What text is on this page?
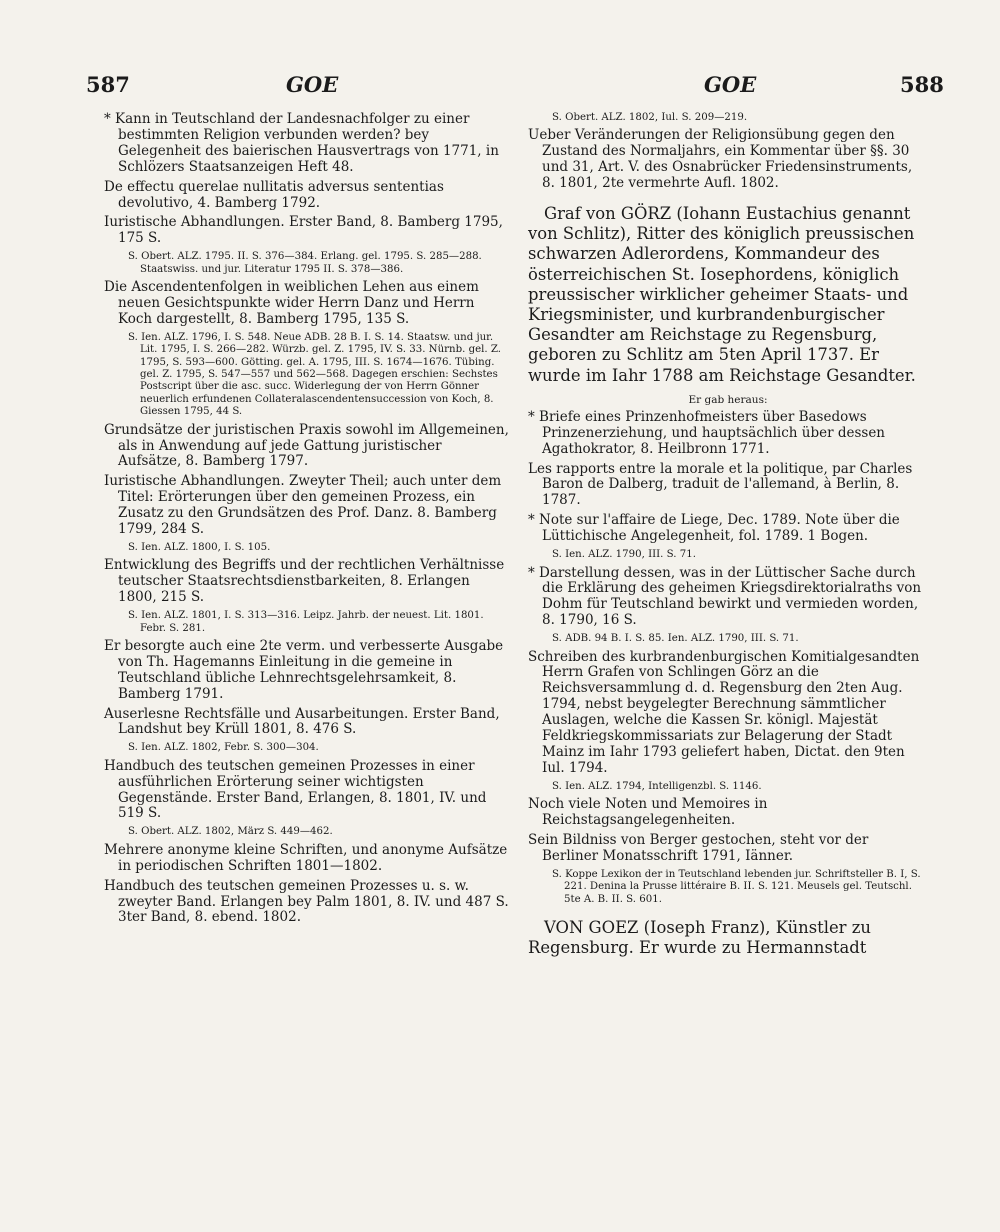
587	GOE	GOE	588
* Kann in Teutschland der Landesnachfolger zu einer bestimmten Religion verbunden werden? bey Gelegenheit des baierischen Hausvertrags von 1771, in Schlözers Staatsanzeigen Heft 48.
De effectu querelae nullitatis adversus sententias devolutivo, 4. Bamberg 1792.
Iuristische Abhandlungen. Erster Band, 8. Bamberg 1795, 175 S.
S. Obert. ALZ. 1795. II. S. 376—384. Erlang. gel. 1795. S. 285—288. Staatswiss. und jur. Literatur 1795 II. S. 378—386.
Die Ascendentenfolgen in weiblichen Lehen aus einem neuen Gesichtspunkte wider Herrn Danz und Herrn Koch dargestellt, 8. Bamberg 1795, 135 S.
S. Ien. ALZ. 1796, I. S. 548. Neue ADB. 28 B. I. S. 14. Staatsw. und jur. Lit. 1795, I. S. 266—282. Würzb. gel. Z. 1795, IV. S. 33. Nürnb. gel. Z. 1795, S. 593—600. Götting. gel. A. 1795, III. S. 1674—1676. Tübing. gel. Z. 1795, S. 547—557 und 562—568. Dagegen erschien: Sechstes Postscript über die asc. succ. Widerlegung der von Herrn Gönner neuerlich erfundenen Collateralascendentensuccession von Koch, 8. Giessen 1795, 44 S.
Grundsätze der juristischen Praxis sowohl im Allgemeinen, als in Anwendung auf jede Gattung juristischer Aufsätze, 8. Bamberg 1797.
Iuristische Abhandlungen. Zweyter Theil; auch unter dem Titel: Erörterungen über den gemeinen Prozess, ein Zusatz zu den Grundsätzen des Prof. Danz. 8. Bamberg 1799, 284 S.
S. Ien. ALZ. 1800, I. S. 105.
Entwicklung des Begriffs und der rechtlichen Verhältnisse teutscher Staatsrechtsdienstbarkeiten, 8. Erlangen 1800, 215 S.
S. Ien. ALZ. 1801, I. S. 313—316. Leipz. Jahrb. der neuest. Lit. 1801. Febr. S. 281.
Er besorgte auch eine 2te verm. und verbesserte Ausgabe von Th. Hagemanns Einleitung in die gemeine in Teutschland übliche Lehnrechtsgelehrsamkeit, 8. Bamberg 1791.
Auserlesne Rechtsfälle und Ausarbeitungen. Erster Band, Landshut bey Krüll 1801, 8. 476 S.
S. Ien. ALZ. 1802, Febr. S. 300—304.
Handbuch des teutschen gemeinen Prozesses in einer ausführlichen Erörterung seiner wichtigsten Gegenstände. Erster Band, Erlangen, 8. 1801, IV. und 519 S.
S. Obert. ALZ. 1802, März S. 449—462.
Mehrere anonyme kleine Schriften, und anonyme Aufsätze in periodischen Schriften 1801—1802.
Handbuch des teutschen gemeinen Prozesses u. s. w. zweyter Band. Erlangen bey Palm 1801, 8. IV. und 487 S. 3ter Band, 8. ebend. 1802.
S. Obert. ALZ. 1802, Iul. S. 209—219.
Ueber Veränderungen der Religionsübung gegen den Zustand des Normaljahrs, ein Kommentar über §§. 30 und 31, Art. V. des Osnabrücker Friedensinstruments, 8. 1801, 2te vermehrte Aufl. 1802.
Graf von GÖRZ (Iohann Eustachius genannt von Schlitz), Ritter des königlich preussischen schwarzen Adlerordens, Kommandeur des österreichischen St. Iosephordens, königlich preussischer wirklicher geheimer Staats- und Kriegsminister, und kurbrandenburgischer Gesandter am Reichstage zu Regensburg, geboren zu Schlitz am 5ten April 1737. Er wurde im Iahr 1788 am Reichstage Gesandter.
Er gab heraus:
* Briefe eines Prinzenhofmeisters über Basedows Prinzenerziehung, und hauptsächlich über dessen Agathokrator, 8. Heilbronn 1771.
Les rapports entre la morale et la politique, par Charles Baron de Dalberg, traduit de l'allemand, à Berlin, 8. 1787.
* Note sur l'affaire de Liege, Dec. 1789. Note über die Lüttichische Angelegenheit, fol. 1789. 1 Bogen.
S. Ien. ALZ. 1790, III. S. 71.
* Darstellung dessen, was in der Lüttischer Sache durch die Erklärung des geheimen Kriegsdirektorialraths von Dohm für Teutschland bewirkt und vermieden worden, 8. 1790, 16 S.
S. ADB. 94 B. I. S. 85. Ien. ALZ. 1790, III. S. 71.
Schreiben des kurbrandenburgischen Komitialgesandten Herrn Grafen von Schlingen Görz an die Reichsversammlung d. d. Regensburg den 2ten Aug. 1794, nebst beygelegter Berechnung sämmtlicher Auslagen, welche die Kassen Sr. königl. Majestät Feldkriegskommissariats zur Belagerung der Stadt Mainz im Iahr 1793 geliefert haben, Dictat. den 9ten Iul. 1794.
S. Ien. ALZ. 1794, Intelligenzbl. S. 1146.
Noch viele Noten und Memoires in Reichstagsangelegenheiten.
Sein Bildniss von Berger gestochen, steht vor der Berliner Monatsschrift 1791, Iänner.
S. Koppe Lexikon der in Teutschland lebenden jur. Schriftsteller B. I, S. 221. Denina la Prusse littéraire B. II. S. 121. Meusels gel. Teutschl. 5te A. B. II. S. 601.
VON GOEZ (Ioseph Franz), Künstler zu Regensburg. Er wurde zu Hermannstadt
